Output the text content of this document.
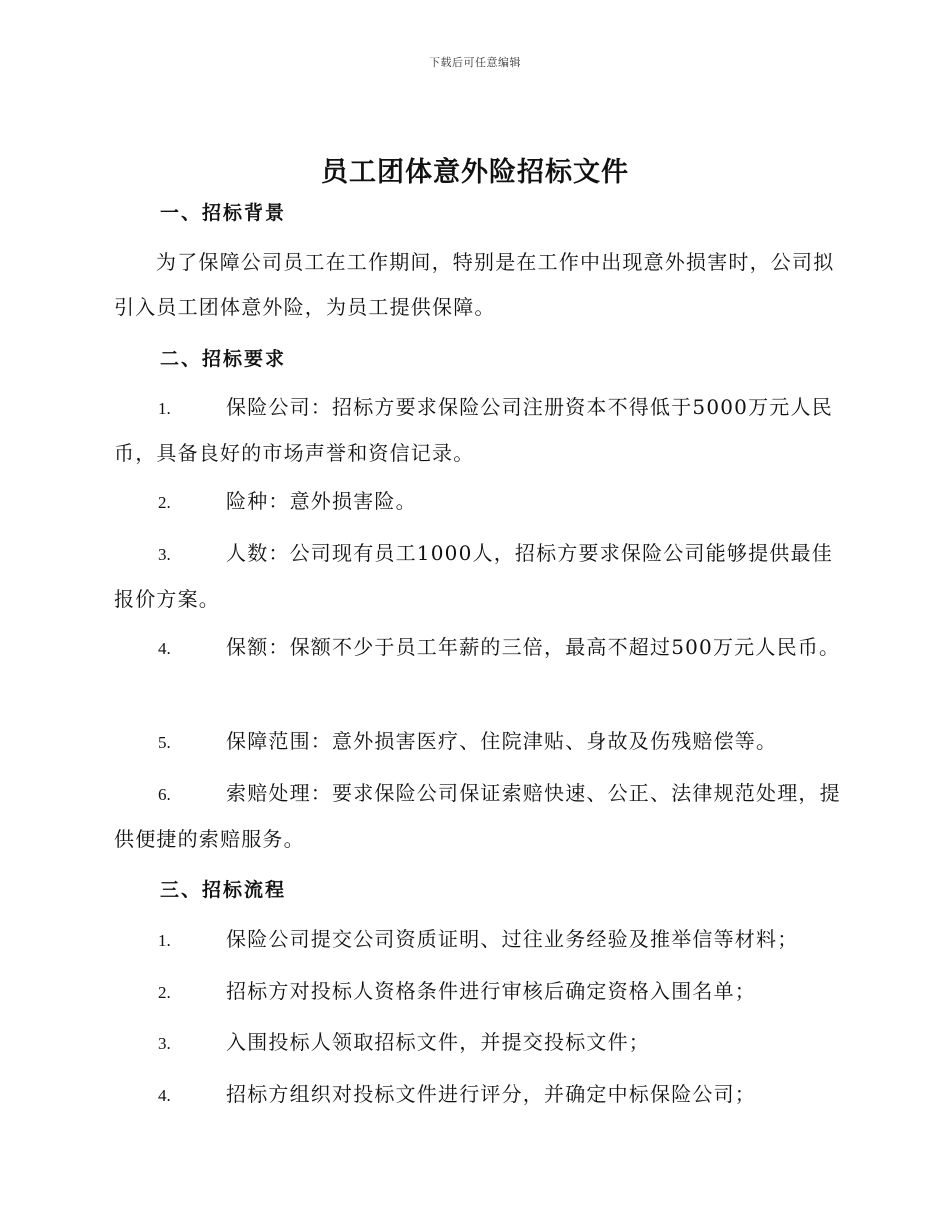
下载后可任意编辑
员工团体意外险招标文件
一、招标背景
为了保障公司员工在工作期间，特别是在工作中出现意外损害时，公司拟引入员工团体意外险，为员工提供保障。
二、招标要求
1.	保险公司：招标方要求保险公司注册资本不得低于5000万元人民币，具备良好的市场声誉和资信记录。
2.	险种：意外损害险。
3.	人数：公司现有员工1000人，招标方要求保险公司能够提供最佳报价方案。
4.	保额：保额不少于员工年薪的三倍，最高不超过500万元人民币。
5.	保障范围：意外损害医疗、住院津贴、身故及伤残赔偿等。
6.	索赔处理：要求保险公司保证索赔快速、公正、法律规范处理，提供便捷的索赔服务。
三、招标流程
1.	保险公司提交公司资质证明、过往业务经验及推举信等材料；
2.	招标方对投标人资格条件进行审核后确定资格入围名单；
3.	入围投标人领取招标文件，并提交投标文件；
4.	招标方组织对投标文件进行评分，并确定中标保险公司；
